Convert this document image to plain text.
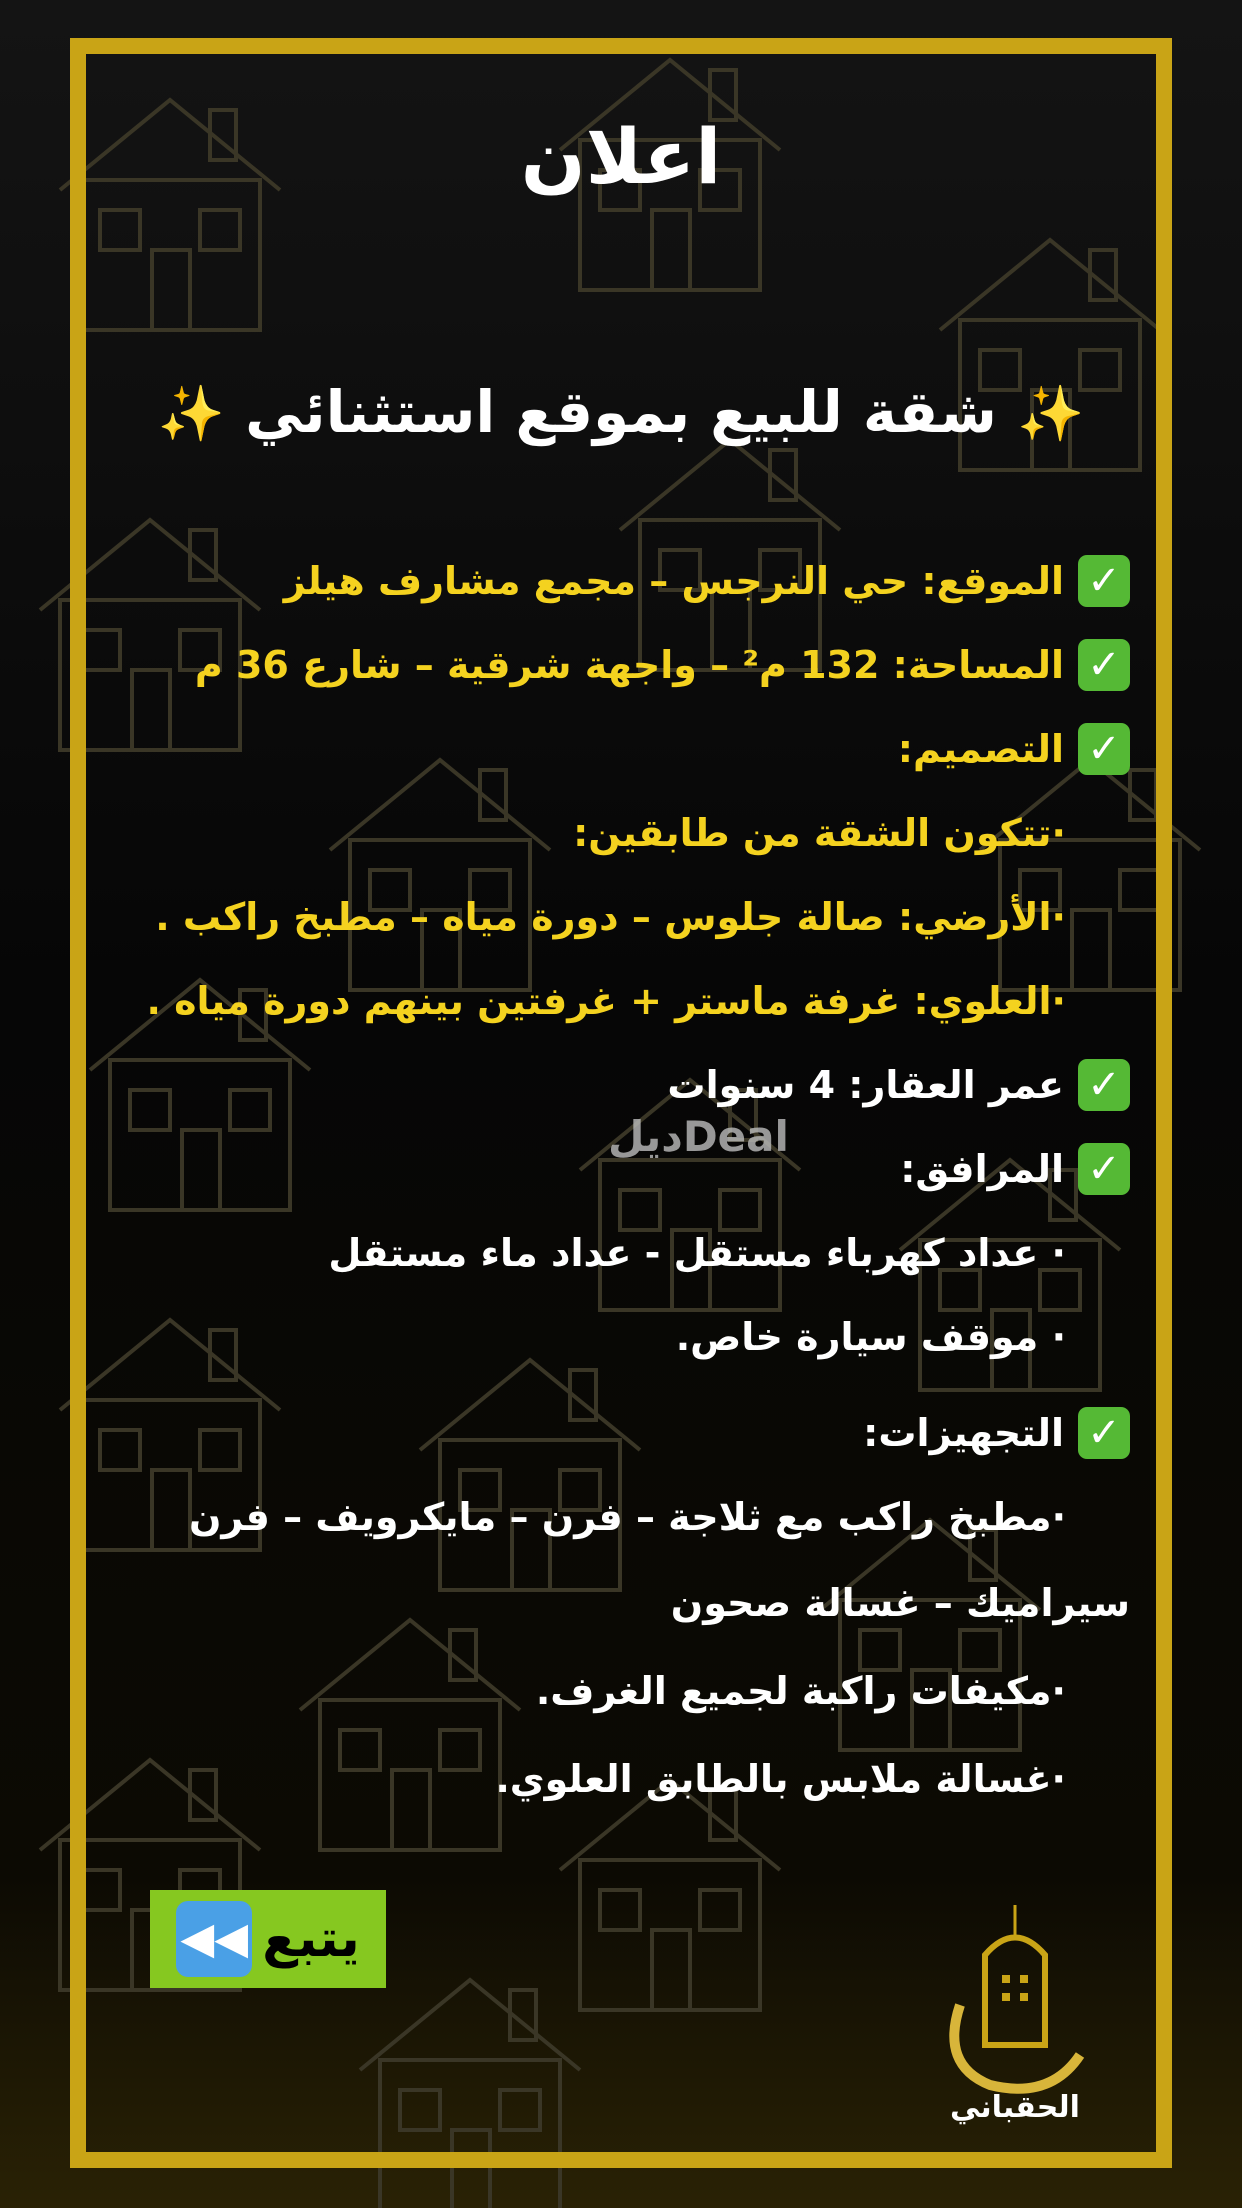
اعلان
✨ شقة للبيع بموقع استثنائي ✨
✓
الموقع: حي النرجس – مجمع مشارف هيلز
✓
المساحة: 132 م² – واجهة شرقية – شارع 36 م
✓
التصميم:
·تتكون الشقة من طابقين:
·الأرضي: صالة جلوس – دورة مياه – مطبخ راكب .
·العلوي: غرفة ماستر + غرفتين بينهم دورة مياه .
✓
عمر العقار: 4 سنوات
ديلDeal
✓
المرافق:
· عداد كهرباء مستقل - عداد ماء مستقل
· موقف سيارة خاص.
✓
التجهيزات:
·مطبخ راكب مع ثلاجة – فرن – مايكرويف – فرن
سيراميك – غسالة صحون
·مكيفات راكبة لجميع الغرف.
·غسالة ملابس بالطابق العلوي.
يتبع
◀◀
الحقباني
